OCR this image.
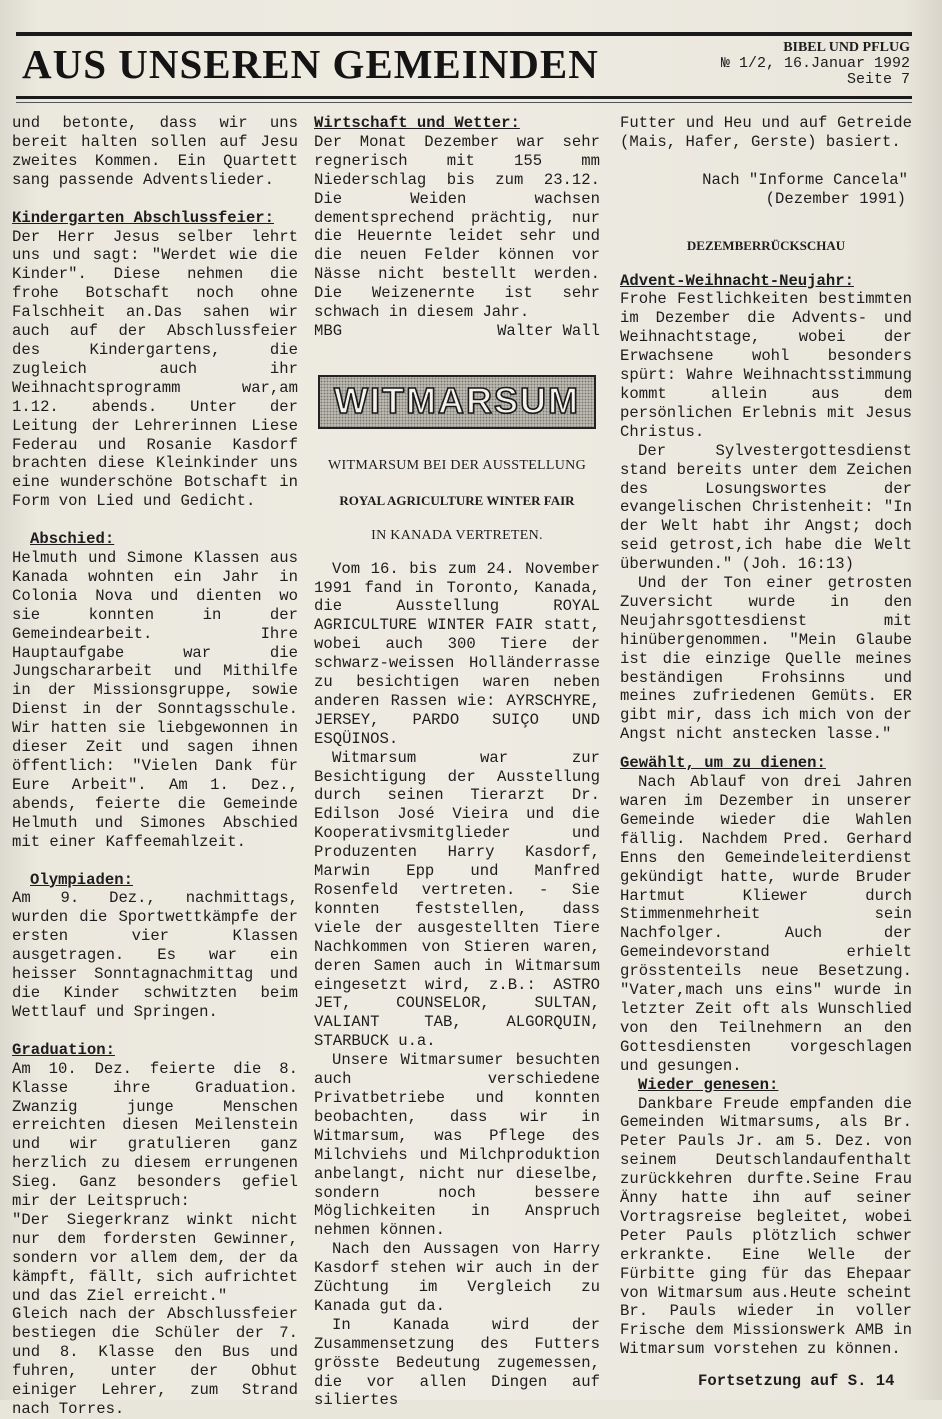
AUS UNSEREN GEMEINDEN	BIBEL UND PFLUG
№ 1/2, 16.Januar 1992
Seite 7

und betonte, dass wir uns bereit halten sollen auf Jesu zweites Kommen. Ein Quartett sang passende Adventslieder.

Kindergarten Abschlussfeier:

Der Herr Jesus selber lehrt uns und sagt: "Werdet wie die Kinder". Diese nehmen die frohe Botschaft noch ohne Falschheit an.Das sahen wir auch auf der Abschlussfeier des Kindergartens, die zugleich auch ihr Weihnachtsprogramm war,am 1.12. abends. Unter der Leitung der Lehrerinnen Liese Federau und Rosanie Kasdorf brachten diese Kleinkinder uns eine wunderschöne Botschaft in Form von Lied und Gedicht.

Abschied:

Helmuth und Simone Klassen aus Kanada wohnten ein Jahr in Colonia Nova und dienten wo sie konnten in der Gemeindearbeit. Ihre Hauptaufgabe war die Jungschararbeit und Mithilfe in der Missionsgruppe, sowie Dienst in der Sonntagsschule. Wir hatten sie liebgewonnen in dieser Zeit und sagen ihnen öffentlich: "Vielen Dank für Eure Arbeit". Am 1. Dez., abends, feierte die Gemeinde Helmuth und Simones Abschied mit einer Kaffeemahlzeit.

Olympiaden:

Am 9. Dez., nachmittags, wurden die Sportwettkämpfe der ersten vier Klassen ausgetragen. Es war ein heisser Sonntagnachmittag und die Kinder schwitzten beim Wettlauf und Springen.

Graduation:

Am 10. Dez. feierte die 8. Klasse ihre Graduation. Zwanzig junge Menschen erreichten diesen Meilenstein und wir gratulieren ganz herzlich zu diesem errungenen Sieg. Ganz besonders gefiel mir der Leitspruch:

"Der Siegerkranz winkt nicht nur dem fordersten Gewinner, sondern vor allem dem, der da kämpft, fällt, sich aufrichtet und das Ziel erreicht."

Gleich nach der Abschlussfeier bestiegen die Schüler der 7. und 8. Klasse den Bus und fuhren, unter der Obhut einiger Lehrer, zum Strand nach Torres.

Wirtschaft und Wetter:

Der Monat Dezember war sehr regnerisch mit 155 mm Niederschlag bis zum 23.12. Die Weiden wachsen dementsprechend prächtig, nur die Heuernte leidet sehr und die neuen Felder können vor Nässe nicht bestellt werden. Die Weizenernte ist sehr schwach in diesem Jahr.

MBG	Walter Wall
WITMARSUM

WITMARSUM BEI DER AUSSTELLUNG

ROYAL AGRICULTURE WINTER FAIR

IN KANADA VERTRETEN.

Vom 16. bis zum 24. November 1991 fand in Toronto, Kanada, die Ausstellung ROYAL AGRICULTURE WINTER FAIR statt, wobei auch 300 Tiere der schwarz-weissen Holländerrasse zu besichtigen waren neben anderen Rassen wie: AYRSCHYRE, JERSEY, PARDO SUIÇO UND ESQÜINOS.

Witmarsum war zur Besichtigung der Ausstellung durch seinen Tierarzt Dr. Edilson José Vieira und die Kooperativsmitglieder und Produzenten Harry Kasdorf, Marwin Epp und Manfred Rosenfeld vertreten. - Sie konnten feststellen, dass viele der ausgestellten Tiere Nachkommen von Stieren waren, deren Samen auch in Witmarsum eingesetzt wird, z.B.: ASTRO JET, COUNSELOR, SULTAN, VALIANT TAB, ALGORQUIN, STARBUCK u.a.

Unsere Witmarsumer besuchten auch verschiedene Privatbetriebe und konnten beobachten, dass wir in Witmarsum, was Pflege des Milchviehs und Milchproduktion anbelangt, nicht nur dieselbe, sondern noch bessere Möglichkeiten in Anspruch nehmen können.

Nach den Aussagen von Harry Kasdorf stehen wir auch in der Züchtung im Vergleich zu Kanada gut da.

In Kanada wird der Zusammensetzung des Futters grösste Bedeutung zugemessen, die vor allen Dingen auf siliertes

Futter und Heu und auf Getreide (Mais, Hafer, Gerste) basiert.

Nach "Informe Cancela"

(Dezember 1991)

DEZEMBERRÜCKSCHAU

Advent-Weihnacht-Neujahr:

Frohe Festlichkeiten bestimmten im Dezember die Advents- und Weihnachtstage, wobei der Erwachsene wohl besonders spürt: Wahre Weihnachtsstimmung kommt allein aus dem persönlichen Erlebnis mit Jesus Christus.

Der Sylvestergottesdienst stand bereits unter dem Zeichen des Losungswortes der evangelischen Christenheit: "In der Welt habt ihr Angst; doch seid getrost,ich habe die Welt überwunden." (Joh. 16:13)

Und der Ton einer getrosten Zuversicht wurde in den Neujahrsgottesdienst mit hinübergenommen. "Mein Glaube ist die einzige Quelle meines beständigen Frohsinns und meines zufriedenen Gemüts. ER gibt mir, dass ich mich von der Angst nicht anstecken lasse."

Gewählt, um zu dienen:

Nach Ablauf von drei Jahren waren im Dezember in unserer Gemeinde wieder die Wahlen fällig. Nachdem Pred. Gerhard Enns den Gemeindeleiterdienst gekündigt hatte, wurde Bruder Hartmut Kliewer durch Stimmenmehrheit sein Nachfolger. Auch der Gemeindevorstand erhielt grösstenteils neue Besetzung. "Vater,mach uns eins" wurde in letzter Zeit oft als Wunschlied von den Teilnehmern an den Gottesdiensten vorgeschlagen und gesungen.

Wieder genesen:

Dankbare Freude empfanden die Gemeinden Witmarsums, als Br. Peter Pauls Jr. am 5. Dez. von seinem Deutschlandaufenthalt zurückkehren durfte.Seine Frau Änny hatte ihn auf seiner Vortragsreise begleitet, wobei Peter Pauls plötzlich schwer erkrankte. Eine Welle der Fürbitte ging für das Ehepaar von Witmarsum aus.Heute scheint Br. Pauls wieder in voller Frische dem Missionswerk AMB in Witmarsum vorstehen zu können.

Fortsetzung auf S. 14
